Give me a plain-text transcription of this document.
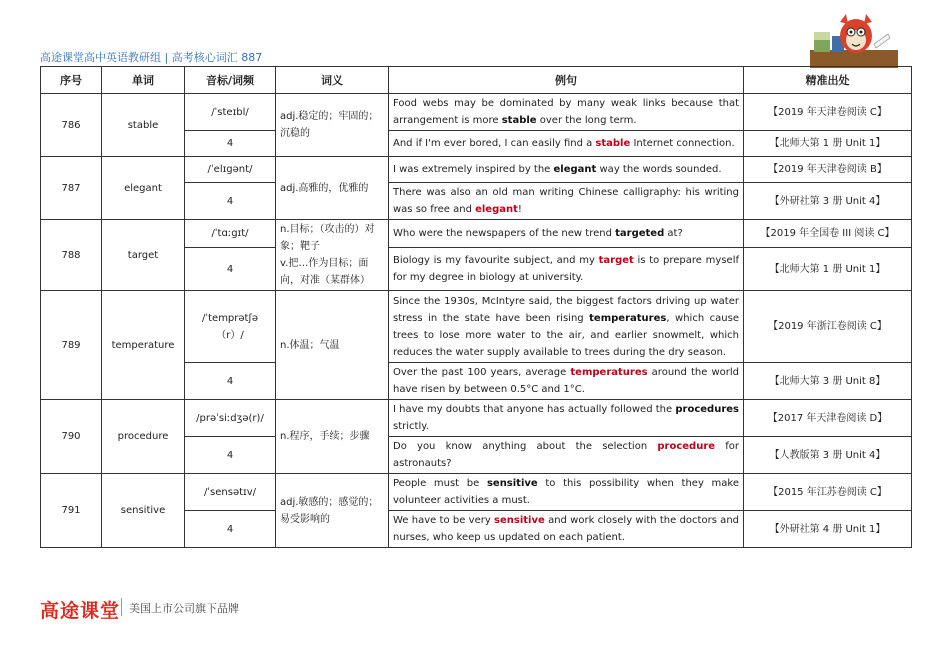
高途课堂高中英语教研组 | 高考核心词汇 887
序号	单词	音标/词频	词义	例句	精准出处
786	stable	/ˈsteɪbl/	adj.稳定的；牢固的；沉稳的	Food webs may be dominated by many weak links because that arrangement is more stable over the long term.	【2019 年天津卷阅读 C】
		4		And if I'm ever bored, I can easily find a stable Internet connection.	【北师大第 1 册 Unit 1】
787	elegant	/ˈelɪgənt/	adj.高雅的，优雅的	I was extremely inspired by the elegant way the words sounded.	【2019 年天津卷阅读 B】
		4		There was also an old man writing Chinese calligraphy: his writing was so free and elegant!	【外研社第 3 册 Unit 4】
788	target	/ˈtɑːgɪt/	n.目标；（攻击的）对象；靶子
v.把…作为目标；面向，对准（某群体）	Who were the newspapers of the new trend targeted at?	【2019 年全国卷 III 阅读 C】
		4		Biology is my favourite subject, and my target is to prepare myself for my degree in biology at university.	【北师大第 1 册 Unit 1】
789	temperature	/ˈtemprətʃə（r）/	n.体温；气温	Since the 1930s, McIntyre said, the biggest factors driving up water stress in the state have been rising temperatures, which cause trees to lose more water to the air, and earlier snowmelt, which reduces the water supply available to trees during the dry season.	【2019 年浙江卷阅读 C】
		4		Over the past 100 years, average temperatures around the world have risen by between 0.5°C and 1°C.	【北师大第 3 册 Unit 8】
790	procedure	/prəˈsiːdʒə(r)/	n.程序，手续；步骤	I have my doubts that anyone has actually followed the procedures strictly.	【2017 年天津卷阅读 D】
		4		Do you know anything about the selection procedure for astronauts?	【人教版第 3 册 Unit 4】
791	sensitive	/ˈsensətɪv/	adj.敏感的；感觉的；易受影响的	People must be sensitive to this possibility when they make volunteer activities a must.	【2015 年江苏卷阅读 C】
		4		We have to be very sensitive and work closely with the doctors and nurses, who keep us updated on each patient.	【外研社第 4 册 Unit 1】
高途课堂 美国上市公司旗下品牌
